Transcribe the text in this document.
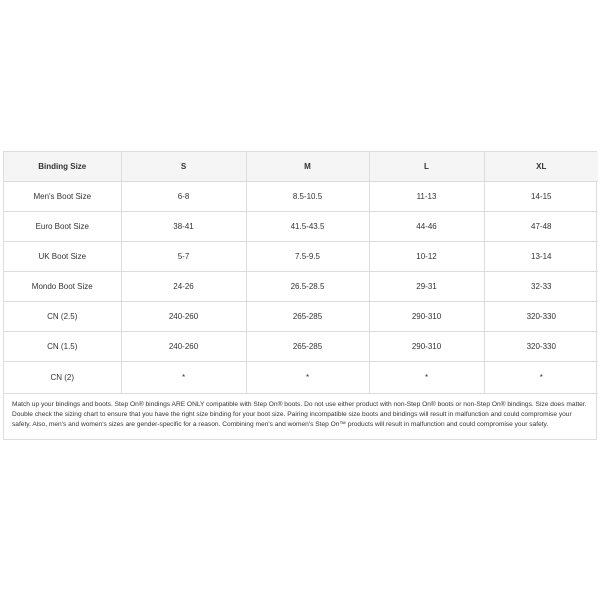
Binding Size	S	M	L	XL
Men's Boot Size	6-8	8.5-10.5	11-13	14-15
Euro Boot Size	38-41	41.5-43.5	44-46	47-48
UK Boot Size	5-7	7.5-9.5	10-12	13-14
Mondo Boot Size	24-26	26.5-28.5	29-31	32-33
CN (2.5)	240-260	265-285	290-310	320-330
CN (1.5)	240-260	265-285	290-310	320-330
CN (2)	*	*	*	*

Match up your bindings and boots. Step On® bindings ARE ONLY compatible with Step On® boots. Do not use either product with non-Step On® boots or non-Step On® bindings. Size does matter. Double check the sizing chart to ensure that you have the right size binding for your boot size. Pairing incompatible size boots and bindings will result in malfunction and could compromise your safety. Also, men's and women's sizes are gender-specific for a reason. Combining men's and women's Step On™ products will result in malfunction and could compromise your safety.
